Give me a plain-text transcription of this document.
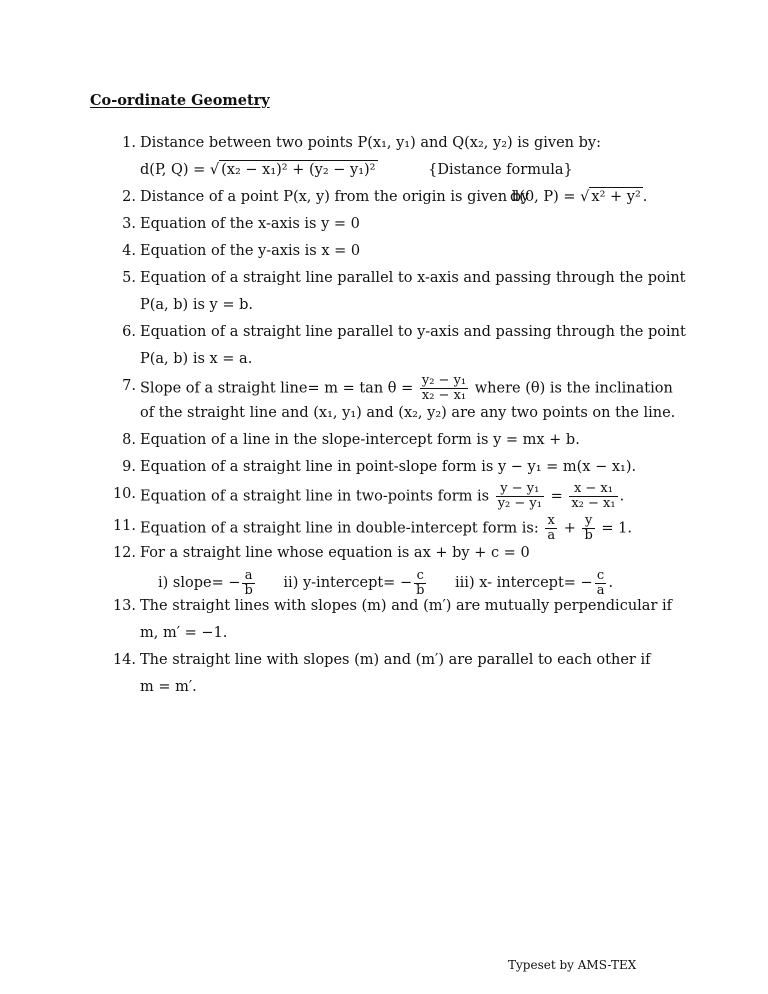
Co-ordinate Geometry
1. Distance between two points P(x₁, y₁) and Q(x₂, y₂) is given by:
d(P, Q) = √ (x₂ − x₁)² + (y₂ − y₁)²	{Distance formula}
2. Distance of a point P(x, y) from the origin is given by
d(0, P) = √ x² + y² .
3. Equation of the x-axis is y = 0
4. Equation of the y-axis is x = 0
5. Equation of a straight line parallel to x-axis and passing through the point
P(a, b) is y = b.
6. Equation of a straight line parallel to y-axis and passing through the point
P(a, b) is x = a.
7. Slope of a straight line= $m = \tan \theta = \frac{\text{y₂ − y₁}}{\text{x₂ − x₁}}$ where (θ) is the inclination
of the straight line and (x₁, y₁) and (x₂, y₂) are any two points on the line.
8. Equation of a line in the slope-intercept form is y = mx + b.
9. Equation of a straight line in point-slope form is y − y₁ = m(x − x₁).
10. Equation of a straight line in two-points form is $\frac{\text{y − y₁}}{\text{y₂ − y₁}} = \frac{\text{x − x₁}}{\text{x₂ − x₁}}$ .
11. Equation of a straight line in double-intercept form is: $\frac{x}{a} + \frac{y}{b} = 1$.
12. For a straight line whose equation is ax + by + c = 0
i) slope= − $\frac{a}{b} ii$) y-intercept= − $\frac{c}{b} iii$) x- intercept= − $\frac{c}{a}$ .
13. The straight lines with slopes (m) and (m′) are mutually perpendicular if
m, m′ = −1.
14. The straight line with slopes (m) and (m′) are parallel to each other if
m = m′.
Typeset by AMS-TEX
